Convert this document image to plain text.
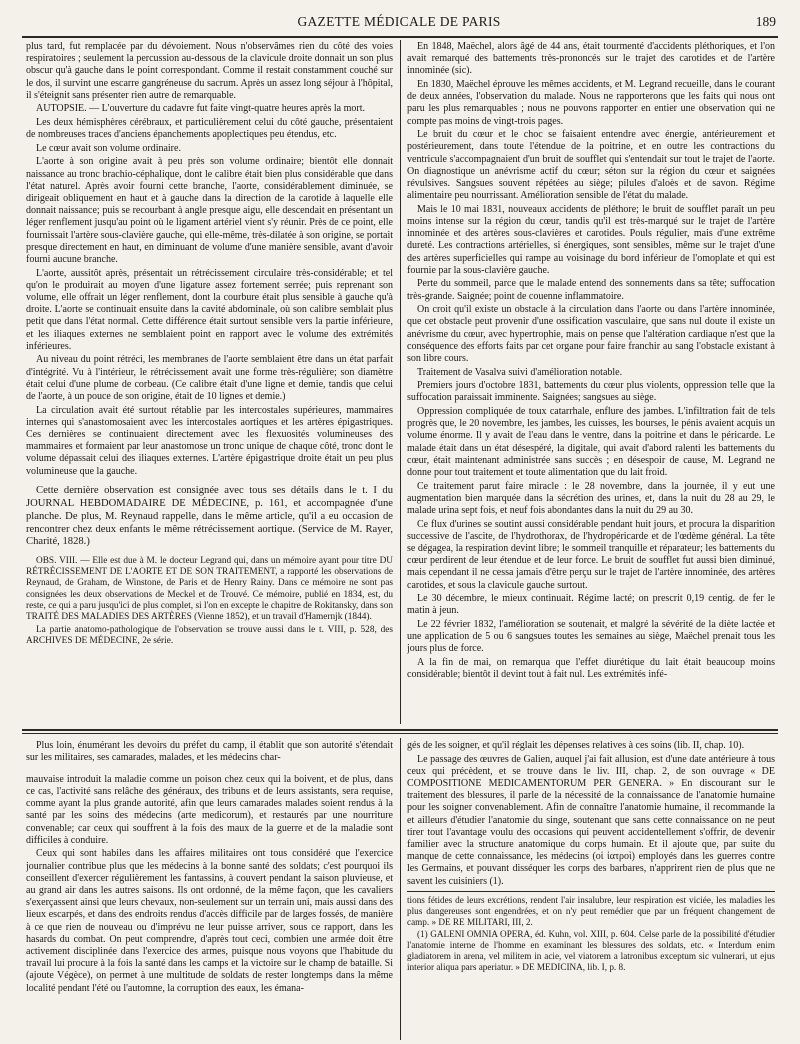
GAZETTE MÉDICALE DE PARIS	189

plus tard, fut remplacée par du dévoiement. Nous n'observâmes rien du côté des voies respiratoires ; seulement la percussion au-dessous de la clavicule droite donnait un son plus obscur qu'à gauche dans le point correspondant. Comme il restait constamment couché sur le dos, il survint une escarre gangréneuse du sacrum. Après un assez long séjour à l'hôpital, il s'éteignit sans présenter rien autre de remarquable.

AUTOPSIE. — L'ouverture du cadavre fut faite vingt-quatre heures après la mort.

Les deux hémisphères cérébraux, et particulièrement celui du côté gauche, présentaient de nombreuses traces d'anciens épanchements apoplectiques peu étendus, etc.

Le cœur avait son volume ordinaire.

L'aorte à son origine avait à peu près son volume ordinaire; bientôt elle donnait naissance au tronc brachio-céphalique, dont le calibre était bien plus considérable que dans l'état naturel. Après avoir fourni cette branche, l'aorte, considérablement diminuée, se dirigeait obliquement en haut et à gauche dans la direction de la carotide à laquelle elle donnait naissance; puis se recourbant à angle presque aigu, elle descendait en présentant un léger renflement jusqu'au point où le ligament artériel vient s'y réunir. Près de ce point, elle fournissait l'artère sous-clavière gauche, qui elle-même, très-dilatée à son origine, se portait presque directement en haut, en diminuant de volume d'une manière sensible, avant d'avoir fourni aucune branche.

L'aorte, aussitôt après, présentait un rétrécissement circulaire très-considérable; et tel qu'on le produirait au moyen d'une ligature assez fortement serrée; puis reprenant son volume, elle offrait un léger renflement, dont la courbure était plus sensible à gauche qu'à droite. L'aorte se continuait ensuite dans la cavité abdominale, où son calibre semblait plus petit que dans l'état normal. Cette différence était surtout sensible vers la partie inférieure, et les iliaques externes ne semblaient point en rapport avec le volume des extrémités inférieures.

Au niveau du point rétréci, les membranes de l'aorte semblaient être dans un état parfait d'intégrité. Vu à l'intérieur, le rétrécissement avait une forme très-régulière; son diamètre était celui d'une plume de corbeau. (Ce calibre était d'une ligne et demie, tandis que celui de l'aorte, à un pouce de son origine, était de 10 lignes et demie.)

La circulation avait été surtout rétablie par les intercostales supérieures, mammaires internes qui s'anastomosaient avec les intercostales aortiques et les artères épigastriques. Ces dernières se continuaient directement avec les flexuosités volumineuses des mammaires et formaient par leur anastomose un tronc unique de chaque côté, tronc dont le volume dépassait celui des iliaques externes. L'artère épigastrique droite était un peu plus volumineuse que la gauche.

Cette dernière observation est consignée avec tous ses détails dans le t. I du JOURNAL HEBDOMADAIRE DE MÉDECINE, p. 161, et accompagnée d'une planche. De plus, M. Reynaud rappelle, dans le même article, qu'il a eu occasion de rencontrer chez deux enfants le même rétrécissement aortique. (Service de M. Rayer, Charité, 1828.)

OBS. VIII. — Elle est due à M. le docteur Legrand qui, dans un mémoire ayant pour titre DU RÉTRÉCISSEMENT DE L'AORTE ET DE SON TRAITEMENT, a rapporté les observations de Reynaud, de Graham, de Winstone, de Paris et de Henry Rainy. Dans ce mémoire ne sont pas consignées les deux observations de Meckel et de Trouvé. Ce mémoire, publié en 1834, est, du reste, ce qui a paru jusqu'ici de plus complet, si l'on en excepte le chapitre de Rokitansky, dans son TRAITÉ DES MALADIES DES ARTÈRES (Vienne 1852), et un travail d'Hamernjk (1844).

La partie anatomo-pathologique de l'observation se trouve aussi dans le t. VIII, p. 528, des ARCHIVES DE MÉDECINE, 2e série.

En 1848, Maëchel, alors âgé de 44 ans, était tourmenté d'accidents pléthoriques, et l'on avait remarqué des battements très-prononcés sur le trajet des carotides et de l'artère innominée (sic).

En 1830, Maëchel éprouve les mêmes accidents, et M. Legrand recueille, dans le courant de deux années, l'observation du malade. Nous ne rapporterons que les faits qui nous ont paru les plus remarquables ; nous ne pouvons rapporter en entier une observation qui ne compte pas moins de vingt-trois pages.

Le bruit du cœur et le choc se faisaient entendre avec énergie, antérieurement et postérieurement, dans toute l'étendue de la poitrine, et en outre les contractions du ventricule s'accompagnaient d'un bruit de soufflet qui s'entendait sur tout le trajet de l'aorte. On diagnostique un anévrisme actif du cœur; séton sur la région du cœur et saignées révulsives. Sangsues souvent répétées au siège; pilules d'aloès et de savon. Régime alimentaire peu nourrissant. Amélioration sensible de l'état du malade.

Mais le 10 mai 1831, nouveaux accidents de pléthore; le bruit de soufflet paraît un peu moins intense sur la région du cœur, tandis qu'il est très-marqué sur le trajet de l'artère innominée et des artères sous-clavières et carotides. Pouls régulier, mais d'une extrême dureté. Les contractions artérielles, si énergiques, sont sensibles, même sur le trajet d'une des artères superficielles qui rampe au voisinage du bord inférieur de l'omoplate et qui est fournie par la sous-clavière gauche.

Perte du sommeil, parce que le malade entend des sonnements dans sa tête; suffocation très-grande. Saignée; point de couenne inflammatoire.

On croit qu'il existe un obstacle à la circulation dans l'aorte ou dans l'artère innominée, que cet obstacle peut provenir d'une ossification vasculaire, que sans nul doute il existe un anévrisme du cœur, avec hypertrophie, mais on pense que l'altération cardiaque n'est que la conséquence des efforts faits par cet organe pour faire franchir au sang l'obstacle existant à son libre cours.

Traitement de Vasalva suivi d'amélioration notable.

Premiers jours d'octobre 1831, battements du cœur plus violents, oppression telle que la suffocation paraissait imminente. Saignées; sangsues au siège.

Oppression compliquée de toux catarrhale, enflure des jambes. L'infiltration fait de tels progrès que, le 20 novembre, les jambes, les cuisses, les bourses, le pénis avaient acquis un volume énorme. Il y avait de l'eau dans le ventre, dans la poitrine et dans le péricarde. Le malade était dans un état désespéré, la digitale, qui avait d'abord ralenti les battements du cœur, était maintenant administrée sans succès ; en désespoir de cause, M. Legrand ne donne pour tout traitement et toute alimentation que du lait froid.

Ce traitement parut faire miracle : le 28 novembre, dans la journée, il y eut une augmentation bien marquée dans la sécrétion des urines, et, dans la nuit du 28 au 29, le malade urina sept fois, et neuf fois abondantes dans la nuit du 29 au 30.

Ce flux d'urines se soutint aussi considérable pendant huit jours, et procura la disparition successive de l'ascite, de l'hydrothorax, de l'hydropéricarde et de l'œdème général. La tête se dégagea, la respiration devint libre; le sommeil tranquille et réparateur; les battements du cœur perdirent de leur étendue et de leur force. Le bruit de soufflet fut aussi bien diminué, mais cependant il ne cessa jamais d'être perçu sur le trajet de l'artère innominée, des artères carotides, et sous la clavicule gauche surtout.

Le 30 décembre, le mieux continuait. Régime lacté; on prescrit 0,19 centig. de fer le matin à jeun.

Le 22 février 1832, l'amélioration se soutenait, et malgré la sévérité de la diète lactée et une application de 5 ou 6 sangsues toutes les semaines au siège, Maëchel prenait tous les jours plus de force.

A la fin de mai, on remarqua que l'effet diurétique du lait était beaucoup moins considérable; bientôt il devint tout à fait nul. Les extrémités infé-

Plus loin, énumérant les devoirs du préfet du camp, il établit que son autorité s'étendait sur les militaires, ses camarades, malades, et les médecins char-

mauvaise introduit la maladie comme un poison chez ceux qui la boivent, et de plus, dans ce cas, l'activité sans relâche des généraux, des tribuns et de leurs assistants, sera requise, comme ayant la plus grande autorité, afin que leurs camarades malades soient rendus à la santé par les soins des médecins (arte medicorum), et restaurés par une nourriture convenable; car ceux qui souffrent à la fois des maux de la guerre et de la maladie sont difficiles à conduire.

Ceux qui sont habiles dans les affaires militaires ont tous considéré que l'exercice journalier contribue plus que les médecins à la bonne santé des soldats; c'est pourquoi ils conseillent d'exercer régulièrement les fantassins, à couvert pendant la saison pluvieuse, et au grand air dans les autres saisons. Ils ont ordonné, de la même façon, que les cavaliers s'exerçassent ainsi que leurs chevaux, non-seulement sur un terrain uni, mais aussi dans des lieux escarpés, et dans des endroits rendus d'accès difficile par de larges fossés, de manière à ce que rien de nouveau ou d'imprévu ne leur puisse arriver, sous ce rapport, dans les hasards du combat. On peut comprendre, d'après tout ceci, combien une armée doit être activement disciplinée dans l'exercice des armes, puisque nous voyons que l'habitude du travail lui procure à la fois la santé dans les camps et la victoire sur le champ de bataille. Si (ajoute Végèce), on permet à une multitude de soldats de rester longtemps dans la même localité pendant l'été ou l'automne, la corruption des eaux, les émana-

gés de les soigner, et qu'il réglait les dépenses relatives à ces soins (lib. II, chap. 10).

Le passage des œuvres de Galien, auquel j'ai fait allusion, est d'une date antérieure à tous ceux qui précèdent, et se trouve dans le liv. III, chap. 2, de son ouvrage « DE COMPOSITIONE MEDICAMENTORUM PER GENERA. » En discourant sur le traitement des blessures, il parle de la nécessité de la connaissance de l'anatomie humaine pour les soigner convenablement. Afin de connaître l'anatomie humaine, il recommande la et ailleurs d'étudier l'anatomie du singe, soutenant que sans cette connaissance on ne peut tirer tout l'avantage voulu des occasions qui peuvent accidentellement s'offrir, de devenir familier avec la structure anatomique du corps humain. Et il ajoute que, par suite du manque de cette connaissance, les médecins (οἱ ἰατροὶ) employés dans les guerres contre les Germains, et pouvant disséquer les corps des barbares, n'apprirent rien de plus que ne savent les cuisiniers (1).

tions fétides de leurs excrétions, rendent l'air insalubre, leur respiration est viciée, les maladies les plus dangereuses sont engendrées, et on n'y peut remédier que par un fréquent changement de camp. » DE RE MILITARI, III, 2.

(1) GALENI OMNIA OPERA, éd. Kuhn, vol. XIII, p. 604. Celse parle de la possibilité d'étudier l'anatomie interne de l'homme en examinant les blessures des soldats, etc. « Interdum enim gladiatorem in arena, vel militem in acie, vel viatorem a latronibus exceptum sic vulnerari, ut ejus interior aliqua pars aperiatur. » DE MEDICINA, lib. I, p. 8.
